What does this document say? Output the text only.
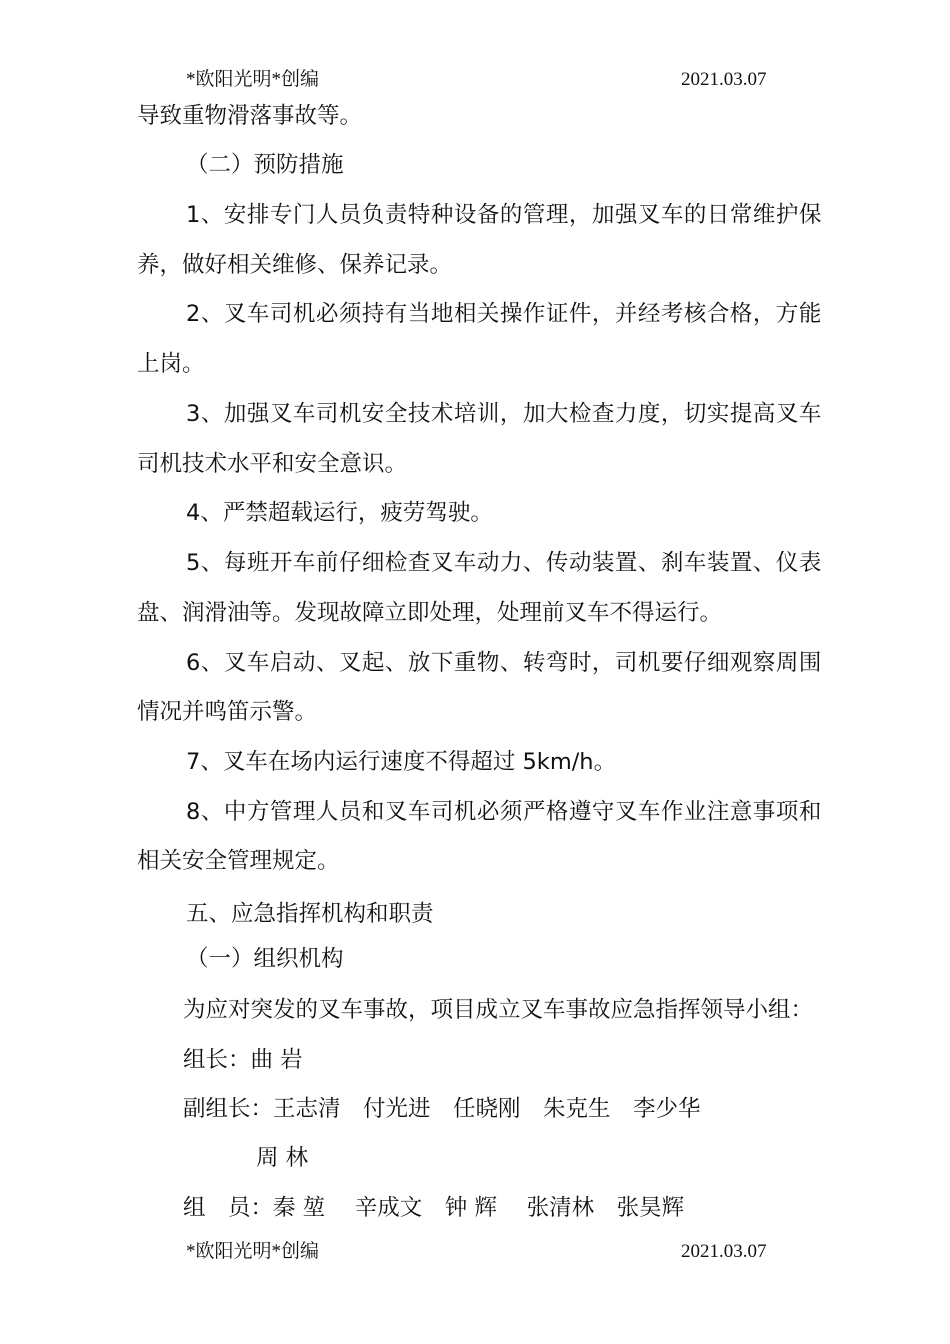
*欧阳光明*创编	2021.03.07
导致重物滑落事故等。
（二）预防措施
1、安排专门人员负责特种设备的管理，加强叉车的日常维护保
养，做好相关维修、保养记录。
2、叉车司机必须持有当地相关操作证件，并经考核合格，方能
上岗。
3、加强叉车司机安全技术培训，加大检查力度，切实提高叉车
司机技术水平和安全意识。
4、严禁超载运行，疲劳驾驶。
5、每班开车前仔细检查叉车动力、传动装置、刹车装置、仪表
盘、润滑油等。发现故障立即处理，处理前叉车不得运行。
6、叉车启动、叉起、放下重物、转弯时，司机要仔细观察周围
情况并鸣笛示警。
7、叉车在场内运行速度不得超过 5km/h。
8、中方管理人员和叉车司机必须严格遵守叉车作业注意事项和
相关安全管理规定。
五、应急指挥机构和职责
（一）组织机构
为应对突发的叉车事故，项目成立叉车事故应急指挥领导小组：
组长：曲 岩
副组长：王志清　付光进　任晓刚　朱克生　李少华
周 林
组　员：秦 堃　 辛成文　钟 辉　 张清林　张昊辉
*欧阳光明*创编	2021.03.07
